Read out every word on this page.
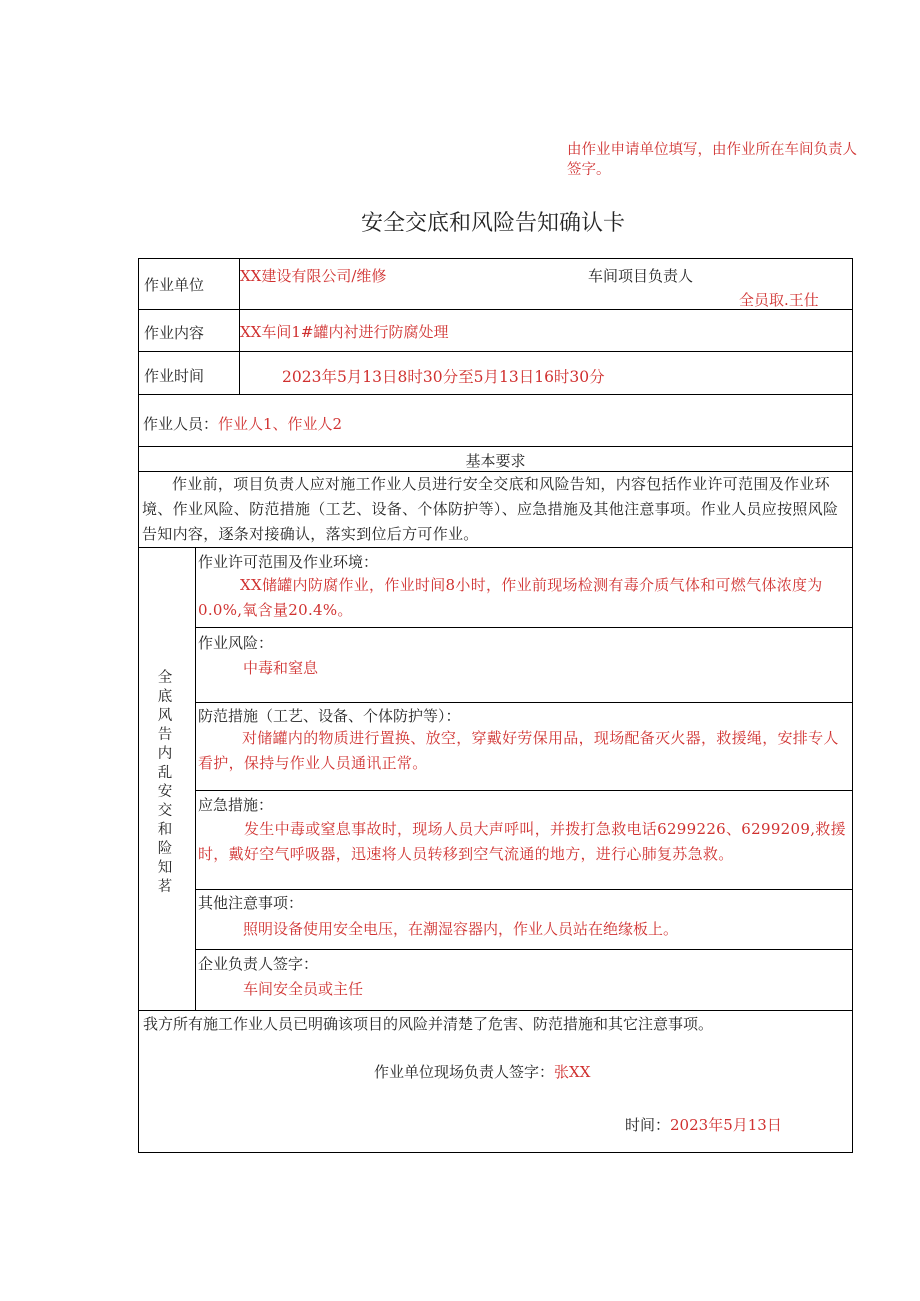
由作业申请单位填写，由作业所在车间负责人签字。
安全交底和风险告知确认卡
作业单位 XX建设有限公司/维修	车间项目负责人
全员取.王仕
作业内容 XX车间1#罐内衬进行防腐处理
作业时间	2023年5月13日8时30分至5月13日16时30分
作业人员：作业人1、作业人2
基本要求
作业前，项目负责人应对施工作业人员进行安全交底和风险告知，内容包括作业许可范围及作业环境、作业风险、防范措施（工艺、设备、个体防护等）、应急措施及其他注意事项。作业人员应按照风险告知内容，逐条对接确认，落实到位后方可作业。
全
底
风
告
内
乱
安
交
和
险
知
茗
作业许可范围及作业环境：
XX储罐内防腐作业，作业时间8小时，作业前现场检测有毒介质气体和可燃气体浓度为0.0%,氧含量20.4%。
作业风险：
中毒和窒息
防范措施（工艺、设备、个体防护等）：
对储罐内的物质进行置换、放空，穿戴好劳保用品，现场配备灭火器，救援绳，安排专人看护，保持与作业人员通讯正常。
应急措施：
发生中毒或窒息事故时，现场人员大声呼叫，并拨打急救电话6299226、6299209,救援时，戴好空气呼吸器，迅速将人员转移到空气流通的地方，进行心肺复苏急救。
其他注意事项：
照明设备使用安全电压，在潮湿容器内，作业人员站在绝缘板上。
企业负责人签字：
车间安全员或主任
我方所有施工作业人员已明确该项目的风险并清楚了危害、防范措施和其它注意事项。
作业单位现场负责人签字：张XX
时间：2023年5月13日
